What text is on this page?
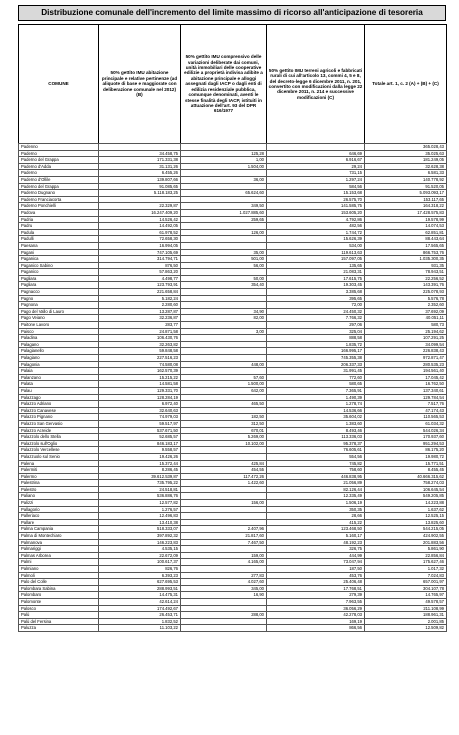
Distribuzione comunale dell'incremento del limite massimo di ricorso all'anticipazione di tesoreria
COMUNE	50% gettito IMU abitazione principale e relative pertinenze (ad aliquote di base e maggiorate con deliberazione comunale nel 2012) (B)	50% gettito IMU comprensivo delle variazioni deliberate dai comuni, unità immobiliari delle cooperative edilizie a proprietà indivisa adibite a abitazione principale e alloggi assegnati dagli IACP o dagli enti di edilizia residenziale pubblica, comunque denominati, aventi le stesse finalità degli IACP, istituiti in attuazione dell'art. 93 del DPR 616/1977	50% gettito IMU terreni agricoli e fabbricati rurali di cui all'articolo 13, commi 4, 5 e 8, del decreto-legge 6 dicembre 2011, n. 201, convertito con modificazioni dalla legge 22 dicembre 2011, n. 214 e successive modificazioni (C)	Totale art. 1, c. 2 (A) + (B) + (C)
Padenno				365.028,43
Paderno	34.458,75	125,28	646,69	35.025,63
Paderno del Grappa	171.331,38	1,00	6.916,67	181.249,05
Paderno d'Adda	31.131,26	1.504,00	29,24	32.628,38
Paderno	6.455,26		731,15	6.581,33
Paderno d'Ollile	139.807,66	36,00	1.297,24	140.778,92
Paderno del Grappa	91.085,65		584,56	91.520,05
Paderno Dugnano	5.118.183,25	65.624,60	15.153,68	5.093.093,17
Paderno Franciacorta			26.575,70	153.117,65
Paderno Ponchielli	22.329,87	349,50	141.585,75	164.318,22
Padova	16.247.409,20	1.027.885,60	153.605,20	17.428.575,83
Padria	14.526,42	259,65	4.792,86	19.578,99
Padru	14.492,05		482,56	14.074,53
Padula	61.978,52	126,00	1.744,72	62.851,81
Padulli	72.658,30		15.626,39	88.443,64
Paesana	16.994,05		534,00	17.565,65
Pagani	747.105,69	35,00	119.613,63	866.753,76
Paganica	314.794,71	501,00	157.097,05	1.035.300,35
Paganico Sabino	876,50	56,00	135,65	931,35
Paganico	57.863,20		21.083,31	78.943,51
Pagliara	4.498,77	50,00	17.615,75	22.256,52
Pagliara	123.793,91	354,40	19.303,45	143.391,76
Pagnacco	221.658,84		3.385,68	225.078,93
Pagno	5.182,24		395,65	5.576,78
Pagnona	2.280,60		72,00	2.352,60
Pago del Vallo di Lauro	13.287,87	34,90	24.450,32	37.692,09
Pago Veiano	32.236,87	82,00	7.766,32	40.051,11
Paitone Lavoro	283,77		297,06	580,73
Paisco	24.871,58	3,00	325,04	25.194,62
Paladina	106.430,76		888,58	107.291,25
Palagano	32.263,82		1.835,72	34.099,54
Palagianello	59.848,58		166.995,17	226.838,43
Palagiano	227.516,23		745.355,38	972.871,47
Palagonia	74.580,08	448,00	206.337,33	280.535,23
Palaia	162.570,39		31.991,45	194.561,40
Palanzano	15.215,22	57,60	772,60	17.045,42
Palata	14.581,58	1.500,00	580,65	16.762,50
Palau	129.331,70	642,00	7.365,91	137.340,61
Palazzago	128.284,19		1.490,39	129.784,54
Palazzo Adriano	6.972,40	465,50	1.278,74	7.517,76
Palazzo Canavese	32.640,63		14.536,66	47.174,43
Palazzo Pignano	74.979,03	182,50	35.604,02	110.565,53
Palazzo San Gervasio	59.517,97	312,50	1.383,60	61.034,32
Palazzo Acreide	537.671,50	670,01	8.493,46	544.026,34
Palazzolo dello Stella	52.685,57	5.269,00	113.336,03	170.937,60
Palazzolo sull'Oglio	846.183,17	10.102,00	95.378,37	951.294,53
Palazzolo Vercellese	9.558,57		76.605,61	86.175,20
Palazzuolo sul Senio	19.426,26		554,56	19.980,72
Palena	15.372,44	425,84	745,82	15.771,51
Palermiti	8.286,45	454,55	758,60	8.455,45
Palermo	39.612.539,87	117.472,26	446.838,95	40.666.315,62
Palestrina	735.795,22	1.422,60	21.056,89	758.274,03
Palestro	24.518,81		82.126,44	106.645,54
Paliano	536.886,76		12.335,49	549.205,85
Palizzi	12.577,82	156,00	1.506,19	14.223,88
Pallagorio	1.276,57		350,35	1.637,62
Palleriaco	12.496,83		28,66	12.525,15
Pallare	13.410,38		415,22	13.825,60
Palma Campania	518.333,07	2.407,96	123.468,50	544.215,05
Palma di Montechiaro	397.892,32	21.817,60	5.160,17	424.902,55
Palmanova	146.223,83	7.467,50	48.192,23	201.883,56
Palmariggi	4.535,15		326,75	5.861,90
Palmas Arborea	22.672,09	159,00	444,99	22.856,84
Palmi	100.617,37	4.165,00	73.047,94	175.627,46
Palmiano	826,76		187,50	1.017,32
Palmoli	6.393,23	277,83	453,76	7.024,83
Palo del Colle	627.695,53	4.027,60	25.406,48	657.001,97
Palombara Sabina	288.993,51	345,00	17.768,51	304.107,78
Palombaro	14.475,31	16,90	279,39	14.765,97
Palomonte	42.614,24		7.963,55	49.578,57
Palosco	174.492,67		36.056,29	211.108,99
Palù	26.453,71	288,00	42.278,03	188.961,31
Palù del Fersina	1.832,52		169,19	2.001,85
Paluzza	11.103,22		866,56	12.509,82
